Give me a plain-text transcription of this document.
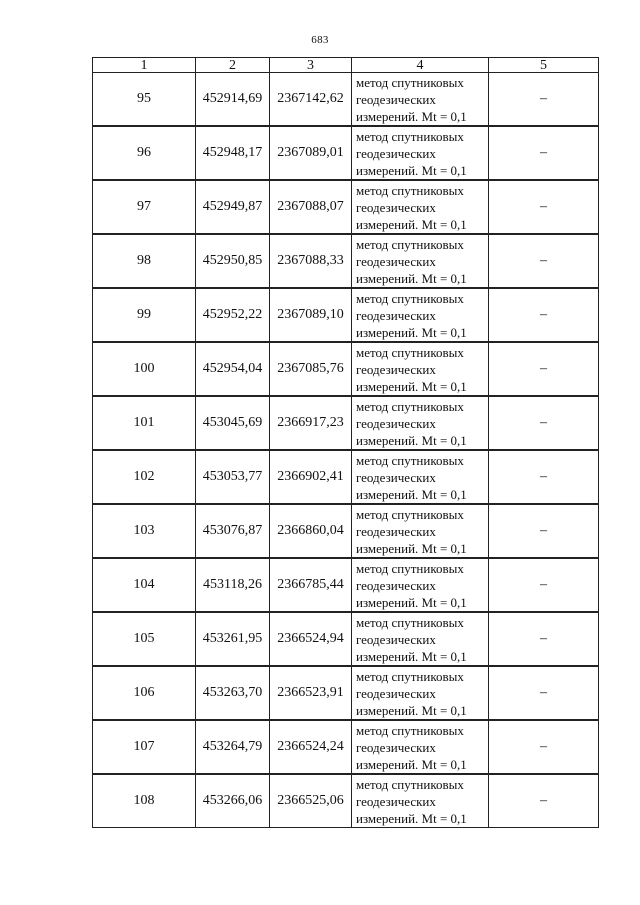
683
1	2	3	4	5
95	452914,69	2367142,62	метод спутниковых
геодезических
измерений. Mt = 0,1	–
96	452948,17	2367089,01	метод спутниковых
геодезических
измерений. Mt = 0,1	–
97	452949,87	2367088,07	метод спутниковых
геодезических
измерений. Mt = 0,1	–
98	452950,85	2367088,33	метод спутниковых
геодезических
измерений. Mt = 0,1	–
99	452952,22	2367089,10	метод спутниковых
геодезических
измерений. Mt = 0,1	–
100	452954,04	2367085,76	метод спутниковых
геодезических
измерений. Mt = 0,1	–
101	453045,69	2366917,23	метод спутниковых
геодезических
измерений. Mt = 0,1	–
102	453053,77	2366902,41	метод спутниковых
геодезических
измерений. Mt = 0,1	–
103	453076,87	2366860,04	метод спутниковых
геодезических
измерений. Mt = 0,1	–
104	453118,26	2366785,44	метод спутниковых
геодезических
измерений. Mt = 0,1	–
105	453261,95	2366524,94	метод спутниковых
геодезических
измерений. Mt = 0,1	–
106	453263,70	2366523,91	метод спутниковых
геодезических
измерений. Mt = 0,1	–
107	453264,79	2366524,24	метод спутниковых
геодезических
измерений. Mt = 0,1	–
108	453266,06	2366525,06	метод спутниковых
геодезических
измерений. Mt = 0,1	–
